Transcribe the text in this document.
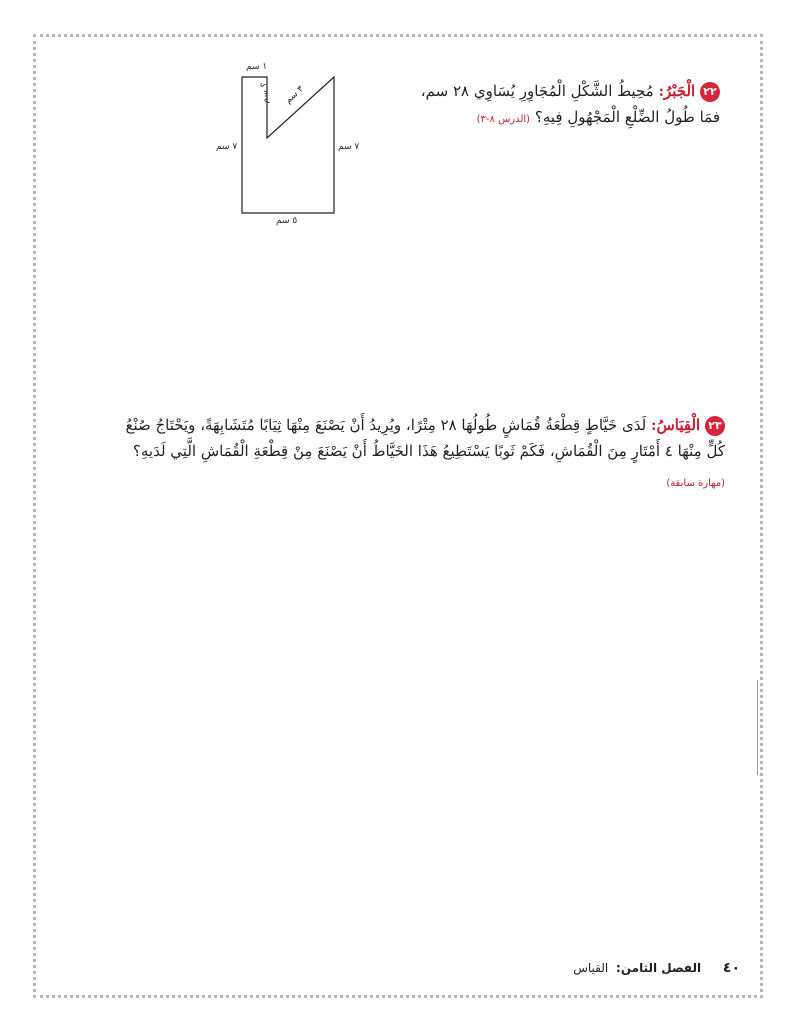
٢٢ الْجَبْرُ: مُحِيطُ الشَّكْلِ الْمُجَاوِرِ يُسَاوِي ٢٨ سم،
فمَا طُولُ الضِّلْعِ الْمَجْهُولِ فِيهِ؟ (الدرس ٨-٣)
١ سم
؟ سم ٣ سم
٧ سم	٧ سم
٥ سم
٢٣ الْقِيَاسُ: لَدَى خَيَّاطٍ قِطْعَةُ قُمَاشٍ طُولُهَا ٢٨ مِتْرًا، ويُرِيدُ أَنْ يَصْنَعَ مِنْهَا ثِيَابًا مُتَشَابِهَةً، ويَحْتَاجُ صُنْعُ
كُلٍّ مِنْهَا ٤ أَمْتَارٍ مِنَ الْقُمَاشِ، فَكَمْ ثَوبًا يَسْتَطِيعُ هَذَا الخَيَّاطُ أَنْ يَصْنَعَ مِنْ قِطْعَةِ الْقُمَاشِ الَّتِي لَدَيهِ؟
(مهارة سابقة)
٤٠ الفصل الثامن: القياس
